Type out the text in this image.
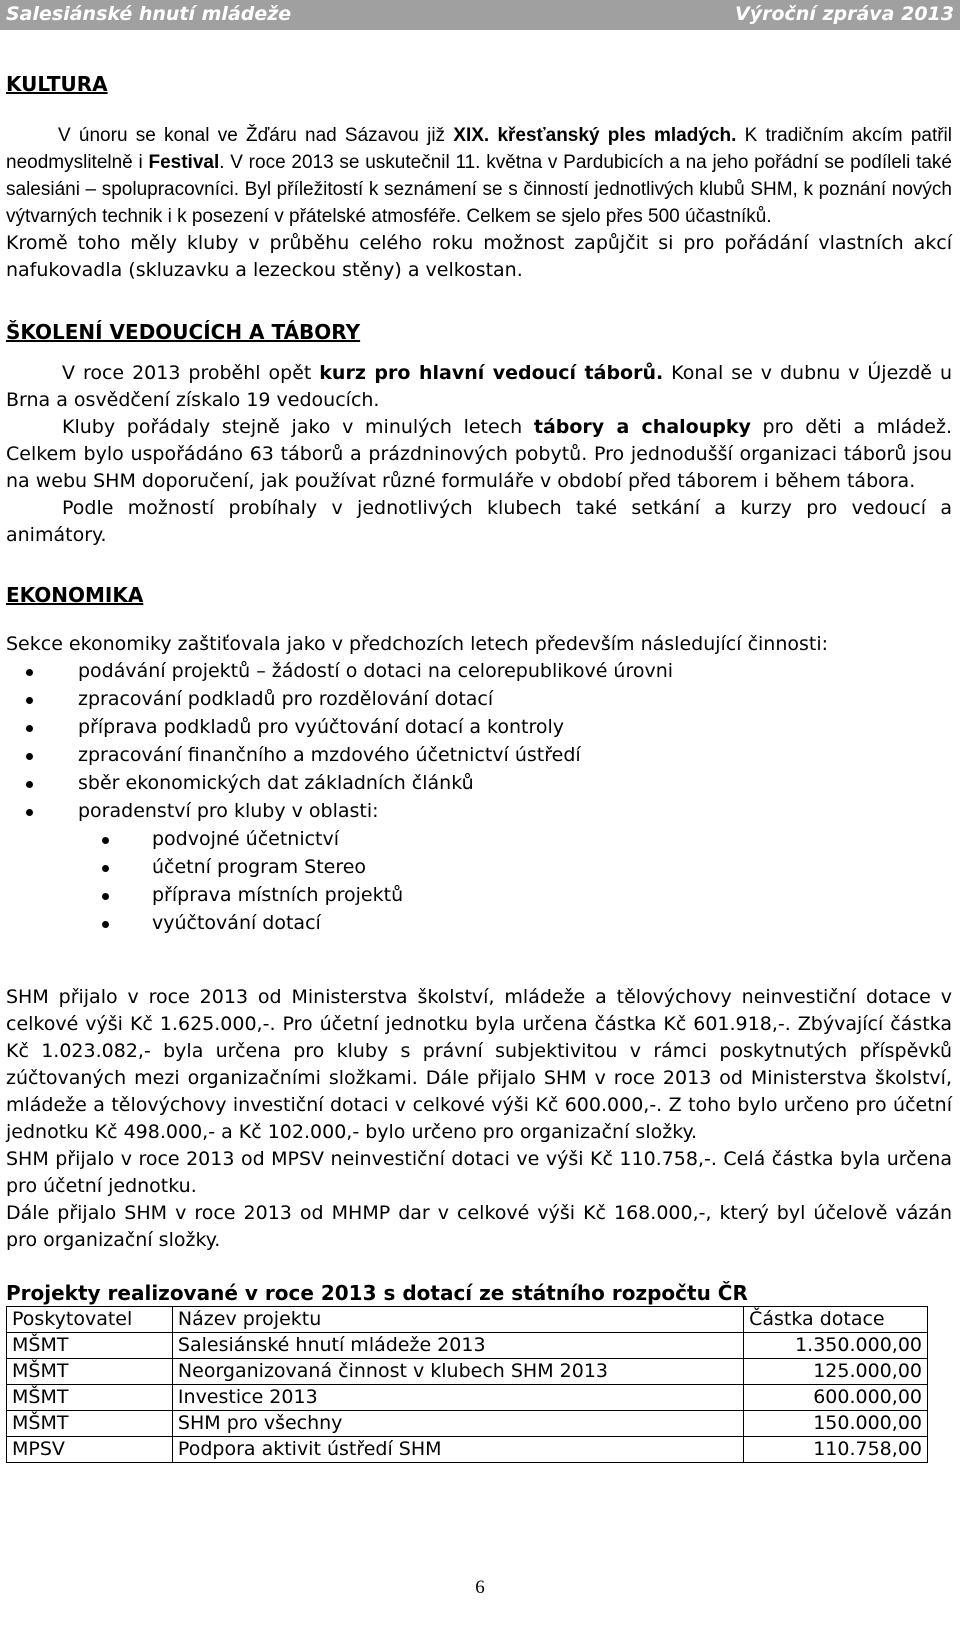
Salesiánské hnutí mládeže	Výroční zpráva 2013
KULTURA

V únoru se konal ve Žďáru nad Sázavou již XIX. křesťanský ples mladých. K tradičním akcím patřil neodmyslitelně i Festival. V roce 2013 se uskutečnil 11. května v Pardubicích a na jeho pořádní se podíleli také salesiáni – spolupracovníci. Byl příležitostí k seznámení se s činností jednotlivých klubů SHM, k poznání nových výtvarných technik i k posezení v přátelské atmosféře. Celkem se sjelo přes 500 účastníků.

Kromě toho měly kluby v průběhu celého roku možnost zapůjčit si pro pořádání vlastních akcí nafukovadla (skluzavku a lezeckou stěny) a velkostan.

ŠKOLENÍ VEDOUCÍCH A TÁBORY

V roce 2013 proběhl opět kurz pro hlavní vedoucí táborů. Konal se v dubnu v Újezdě u Brna a osvědčení získalo 19 vedoucích.

Kluby pořádaly stejně jako v minulých letech tábory a chaloupky pro děti a mládež. Celkem bylo uspořádáno 63 táborů a prázdninových pobytů. Pro jednodušší organizaci táborů jsou na webu SHM doporučení, jak používat různé formuláře v období před táborem i během tábora.

Podle možností probíhaly v jednotlivých klubech také setkání a kurzy pro vedoucí a animátory.

EKONOMIKA

Sekce ekonomiky zaštiťovala jako v předchozích letech především následující činnosti:

podávání projektů – žádostí o dotaci na celorepublikové úrovni
zpracování podkladů pro rozdělování dotací
příprava podkladů pro vyúčtování dotací a kontroly
zpracování finančního a mzdového účetnictví ústředí
sběr ekonomických dat základních článků
poradenství pro kluby v oblasti:
podvojné účetnictví
účetní program Stereo
příprava místních projektů
vyúčtování dotací

SHM přijalo v roce 2013 od Ministerstva školství, mládeže a tělovýchovy neinvestiční dotace v celkové výši Kč 1.625.000,-. Pro účetní jednotku byla určena částka Kč 601.918,-. Zbývající částka Kč 1.023.082,- byla určena pro kluby s právní subjektivitou v rámci poskytnutých příspěvků zúčtovaných mezi organizačními složkami. Dále přijalo SHM v roce 2013 od Ministerstva školství, mládeže a tělovýchovy investiční dotaci v celkové výši Kč 600.000,-. Z toho bylo určeno pro účetní jednotku Kč 498.000,- a Kč 102.000,- bylo určeno pro organizační složky.

SHM přijalo v roce 2013 od MPSV neinvestiční dotaci ve výši Kč 110.758,-. Celá částka byla určena pro účetní jednotku.

Dále přijalo SHM v roce 2013 od MHMP dar v celkové výši Kč 168.000,-, který byl účelově vázán pro organizační složky.

Projekty realizované v roce 2013 s dotací ze státního rozpočtu ČR
Poskytovatel	Název projektu	Částka dotace
MŠMT	Salesiánské hnutí mládeže 2013	1.350.000,00
MŠMT	Neorganizovaná činnost v klubech SHM 2013	125.000,00
MŠMT	Investice 2013	600.000,00
MŠMT	SHM pro všechny	150.000,00
MPSV	Podpora aktivit ústředí SHM	110.758,00
6
